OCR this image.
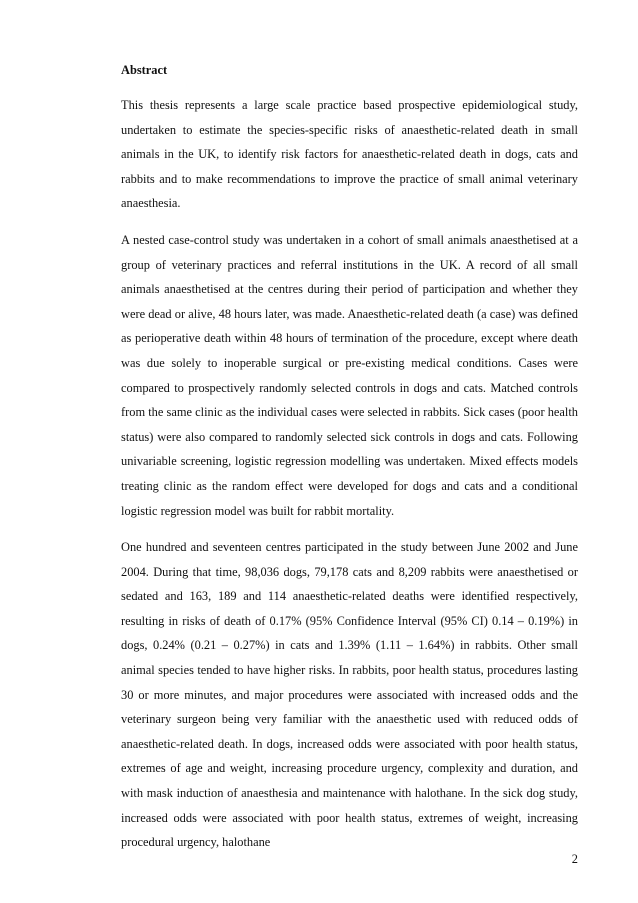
Abstract

This thesis represents a large scale practice based prospective epidemiological study, undertaken to estimate the species-specific risks of anaesthetic-related death in small animals in the UK, to identify risk factors for anaesthetic-related death in dogs, cats and rabbits and to make recommendations to improve the practice of small animal veterinary anaesthesia.

A nested case-control study was undertaken in a cohort of small animals anaesthetised at a group of veterinary practices and referral institutions in the UK. A record of all small animals anaesthetised at the centres during their period of participation and whether they were dead or alive, 48 hours later, was made. Anaesthetic-related death (a case) was defined as perioperative death within 48 hours of termination of the procedure, except where death was due solely to inoperable surgical or pre-existing medical conditions. Cases were compared to prospectively randomly selected controls in dogs and cats. Matched controls from the same clinic as the individual cases were selected in rabbits. Sick cases (poor health status) were also compared to randomly selected sick controls in dogs and cats. Following univariable screening, logistic regression modelling was undertaken. Mixed effects models treating clinic as the random effect were developed for dogs and cats and a conditional logistic regression model was built for rabbit mortality.

One hundred and seventeen centres participated in the study between June 2002 and June 2004. During that time, 98,036 dogs, 79,178 cats and 8,209 rabbits were anaesthetised or sedated and 163, 189 and 114 anaesthetic-related deaths were identified respectively, resulting in risks of death of 0.17% (95% Confidence Interval (95% CI) 0.14 – 0.19%) in dogs, 0.24% (0.21 – 0.27%) in cats and 1.39% (1.11 – 1.64%) in rabbits. Other small animal species tended to have higher risks. In rabbits, poor health status, procedures lasting 30 or more minutes, and major procedures were associated with increased odds and the veterinary surgeon being very familiar with the anaesthetic used with reduced odds of anaesthetic-related death. In dogs, increased odds were associated with poor health status, extremes of age and weight, increasing procedure urgency, complexity and duration, and with mask induction of anaesthesia and maintenance with halothane. In the sick dog study, increased odds were associated with poor health status, extremes of weight, increasing procedural urgency, halothane

2
